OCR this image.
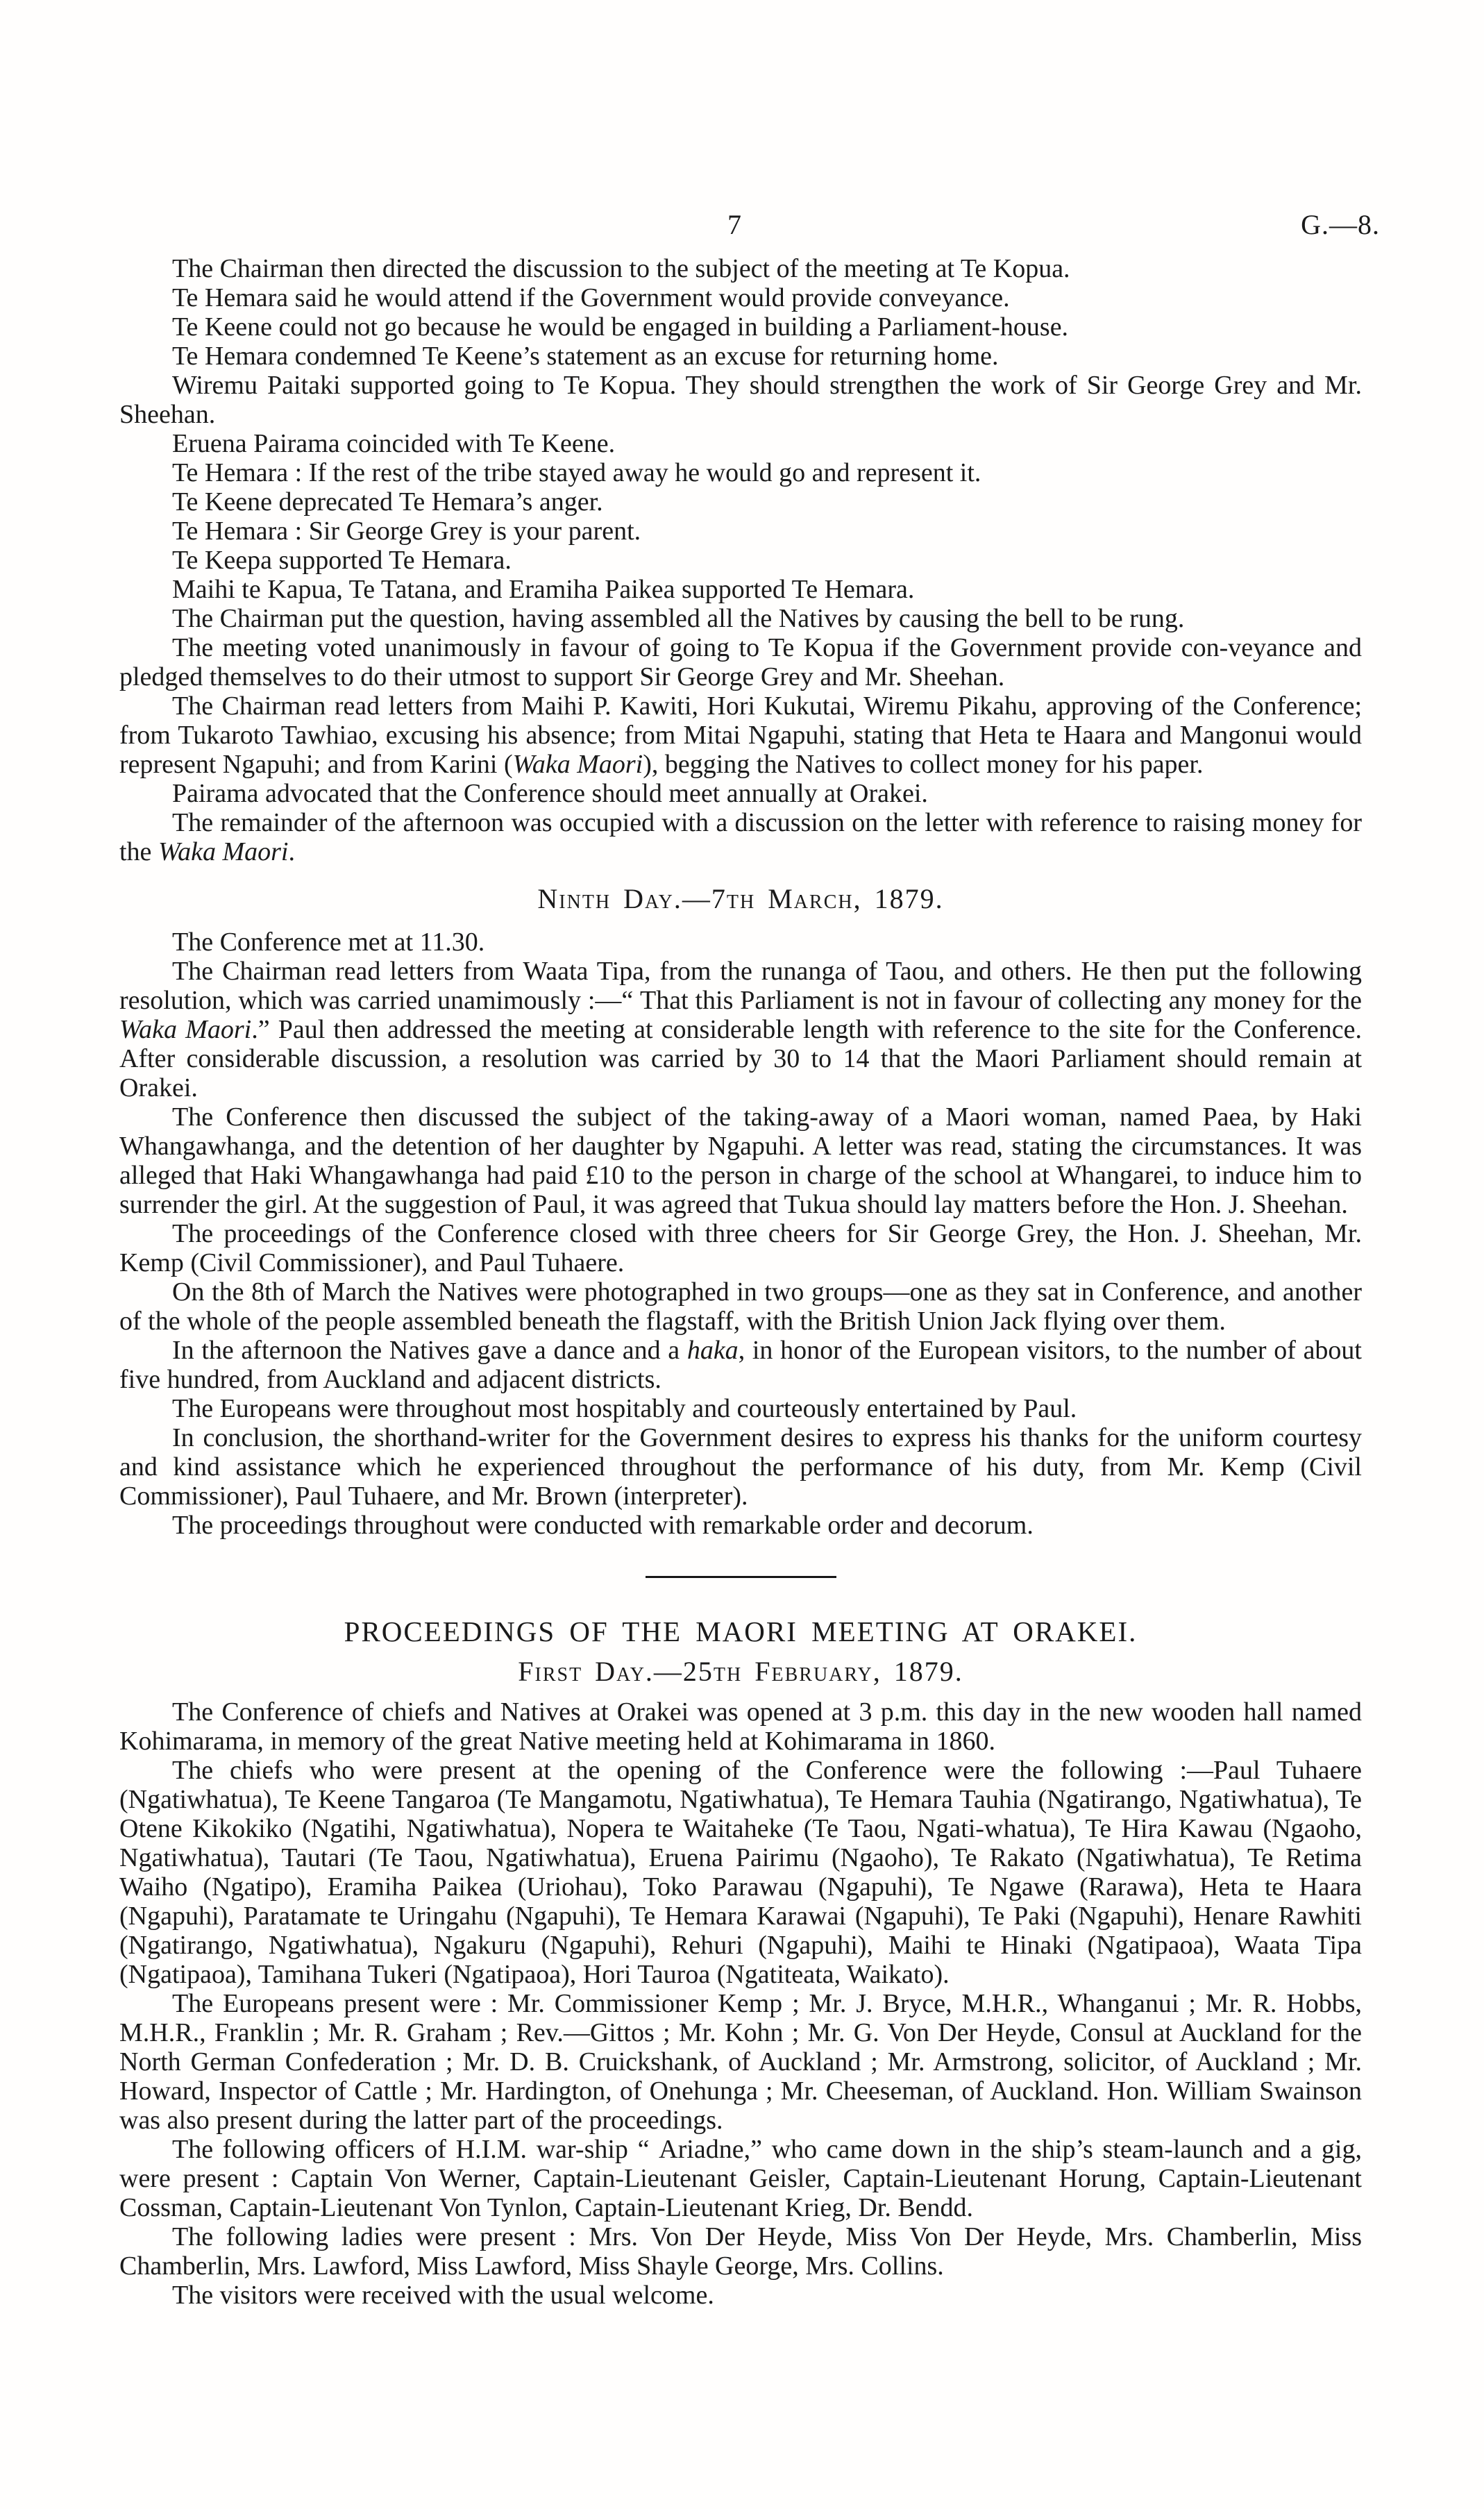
7	G.—8.

The Chairman then directed the discussion to the subject of the meeting at Te Kopua.

Te Hemara said he would attend if the Government would provide conveyance.

Te Keene could not go because he would be engaged in building a Parliament-house.

Te Hemara condemned Te Keene’s statement as an excuse for returning home.

Wiremu Paitaki supported going to Te Kopua. They should strengthen the work of Sir George Grey and Mr. Sheehan.

Eruena Pairama coincided with Te Keene.

Te Hemara : If the rest of the tribe stayed away he would go and represent it.

Te Keene deprecated Te Hemara’s anger.

Te Hemara : Sir George Grey is your parent.

Te Keepa supported Te Hemara.

Maihi te Kapua, Te Tatana, and Eramiha Paikea supported Te Hemara.

The Chairman put the question, having assembled all the Natives by causing the bell to be rung.

The meeting voted unanimously in favour of going to Te Kopua if the Government provide con-veyance and pledged themselves to do their utmost to support Sir George Grey and Mr. Sheehan.

The Chairman read letters from Maihi P. Kawiti, Hori Kukutai, Wiremu Pikahu, approving of the Conference; from Tukaroto Tawhiao, excusing his absence; from Mitai Ngapuhi, stating that Heta te Haara and Mangonui would represent Ngapuhi; and from Karini (Waka Maori), begging the Natives to collect money for his paper.

Pairama advocated that the Conference should meet annually at Orakei.

The remainder of the afternoon was occupied with a discussion on the letter with reference to raising money for the Waka Maori.

Ninth Day.—7th March, 1879.

The Conference met at 11.30.

The Chairman read letters from Waata Tipa, from the runanga of Taou, and others. He then put the following resolution, which was carried unamimously :—“ That this Parliament is not in favour of collecting any money for the Waka Maori.” Paul then addressed the meeting at considerable length with reference to the site for the Conference. After considerable discussion, a resolution was carried by 30 to 14 that the Maori Parliament should remain at Orakei.

The Conference then discussed the subject of the taking-away of a Maori woman, named Paea, by Haki Whangawhanga, and the detention of her daughter by Ngapuhi. A letter was read, stating the circumstances. It was alleged that Haki Whangawhanga had paid £10 to the person in charge of the school at Whangarei, to induce him to surrender the girl. At the suggestion of Paul, it was agreed that Tukua should lay matters before the Hon. J. Sheehan.

The proceedings of the Conference closed with three cheers for Sir George Grey, the Hon. J. Sheehan, Mr. Kemp (Civil Commissioner), and Paul Tuhaere.

On the 8th of March the Natives were photographed in two groups—one as they sat in Conference, and another of the whole of the people assembled beneath the flagstaff, with the British Union Jack flying over them.

In the afternoon the Natives gave a dance and a haka, in honor of the European visitors, to the number of about five hundred, from Auckland and adjacent districts.

The Europeans were throughout most hospitably and courteously entertained by Paul.

In conclusion, the shorthand-writer for the Government desires to express his thanks for the uniform courtesy and kind assistance which he experienced throughout the performance of his duty, from Mr. Kemp (Civil Commissioner), Paul Tuhaere, and Mr. Brown (interpreter).

The proceedings throughout were conducted with remarkable order and decorum.

PROCEEDINGS OF THE MAORI MEETING AT ORAKEI.
First Day.—25th February, 1879.

The Conference of chiefs and Natives at Orakei was opened at 3 p.m. this day in the new wooden hall named Kohimarama, in memory of the great Native meeting held at Kohimarama in 1860.

The chiefs who were present at the opening of the Conference were the following :—Paul Tuhaere (Ngatiwhatua), Te Keene Tangaroa (Te Mangamotu, Ngatiwhatua), Te Hemara Tauhia (Ngatirango, Ngatiwhatua), Te Otene Kikokiko (Ngatihi, Ngatiwhatua), Nopera te Waitaheke (Te Taou, Ngati-whatua), Te Hira Kawau (Ngaoho, Ngatiwhatua), Tautari (Te Taou, Ngatiwhatua), Eruena Pairimu (Ngaoho), Te Rakato (Ngatiwhatua), Te Retima Waiho (Ngatipo), Eramiha Paikea (Uriohau), Toko Parawau (Ngapuhi), Te Ngawe (Rarawa), Heta te Haara (Ngapuhi), Paratamate te Uringahu (Ngapuhi), Te Hemara Karawai (Ngapuhi), Te Paki (Ngapuhi), Henare Rawhiti (Ngatirango, Ngatiwhatua), Ngakuru (Ngapuhi), Rehuri (Ngapuhi), Maihi te Hinaki (Ngatipaoa), Waata Tipa (Ngatipaoa), Tamihana Tukeri (Ngatipaoa), Hori Tauroa (Ngatiteata, Waikato).

The Europeans present were : Mr. Commissioner Kemp ; Mr. J. Bryce, M.H.R., Whanganui ; Mr. R. Hobbs, M.H.R., Franklin ; Mr. R. Graham ; Rev.—Gittos ; Mr. Kohn ; Mr. G. Von Der Heyde, Consul at Auckland for the North German Confederation ; Mr. D. B. Cruickshank, of Auckland ; Mr. Armstrong, solicitor, of Auckland ; Mr. Howard, Inspector of Cattle ; Mr. Hardington, of Onehunga ; Mr. Cheeseman, of Auckland. Hon. William Swainson was also present during the latter part of the proceedings.

The following officers of H.I.M. war-ship “ Ariadne,” who came down in the ship’s steam-launch and a gig, were present : Captain Von Werner, Captain-Lieutenant Geisler, Captain-Lieutenant Horung, Captain-Lieutenant Cossman, Captain-Lieutenant Von Tynlon, Captain-Lieutenant Krieg, Dr. Bendd.

The following ladies were present : Mrs. Von Der Heyde, Miss Von Der Heyde, Mrs. Chamberlin, Miss Chamberlin, Mrs. Lawford, Miss Lawford, Miss Shayle George, Mrs. Collins.

The visitors were received with the usual welcome.
